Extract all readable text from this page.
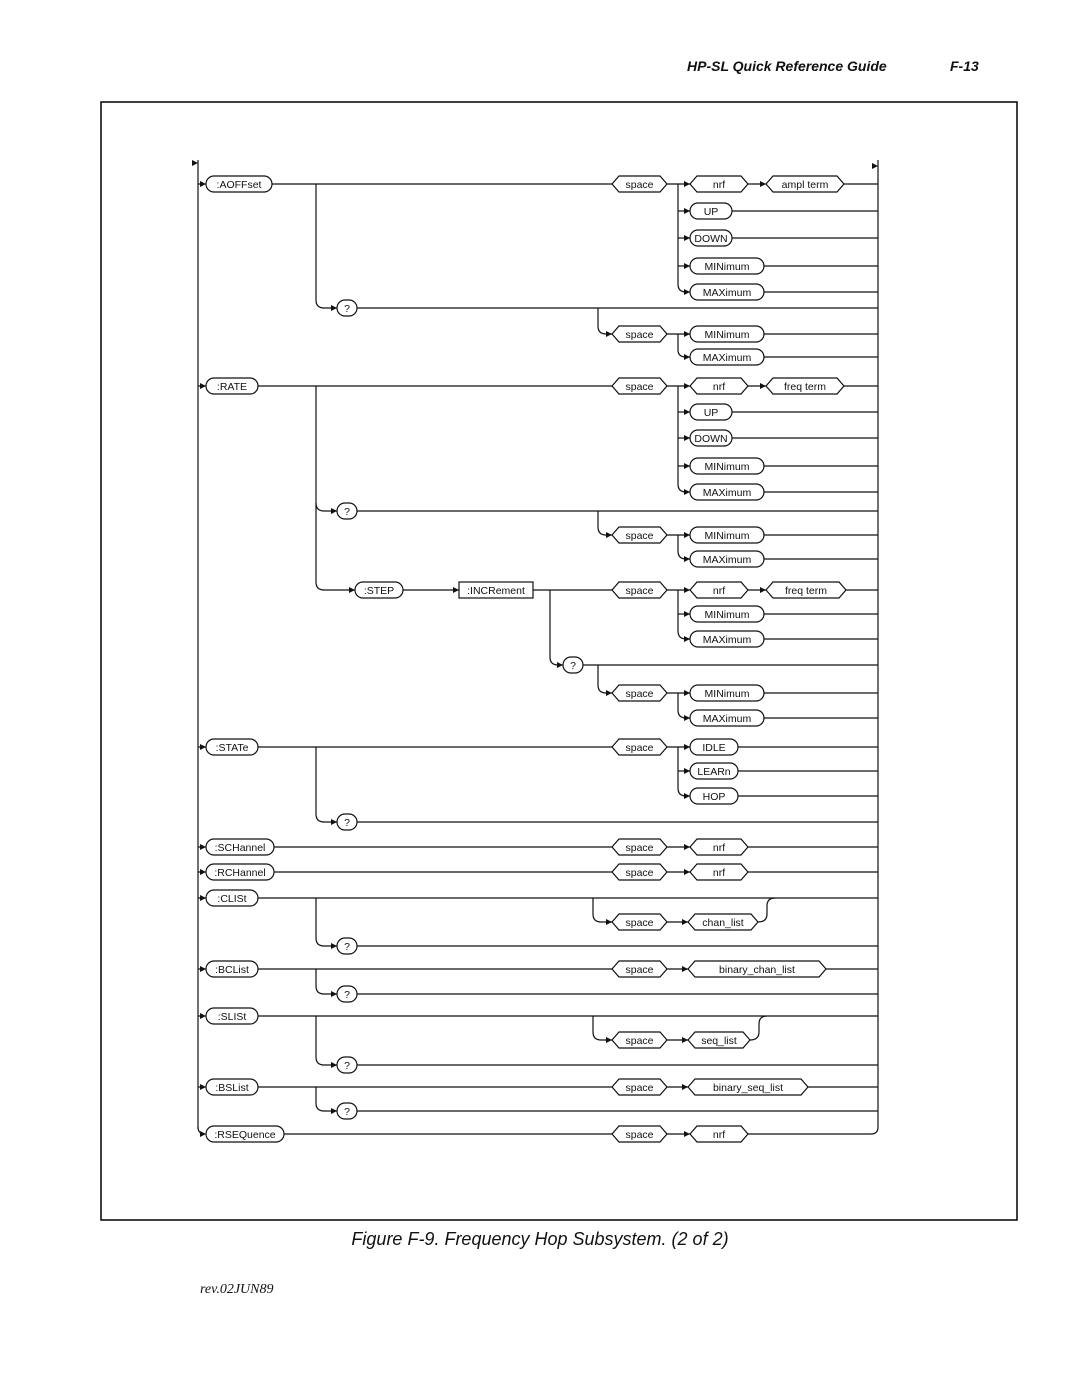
HP-SL Quick Reference Guide	F-13
:AOFFset
?
space	MINimum
MAXimum
space	nrf	ampl term
UP
DOWN
MINimum
MAXimum
:RATE
?
space	MINimum
MAXimum
space	nrf	freq term
UP
DOWN
MINimum
MAXimum
:STEP	:INCRement	space	nrf	freq term
MINimum
MAXimum
?
space	MINimum
MAXimum
:STATe
?
space	IDLE
LEARn
HOP
:SCHannel	space	nrf
:RCHannel	space	nrf
:CLISt
?
space	chan_list
:BCList
?
space	binary_chan_list
:SLISt
?
space	seq_list
:BSList
?
space	binary_seq_list
:RSEQuence	space	nrf
Figure F-9. Frequency Hop Subsystem. (2 of 2)
rev.02JUN89
